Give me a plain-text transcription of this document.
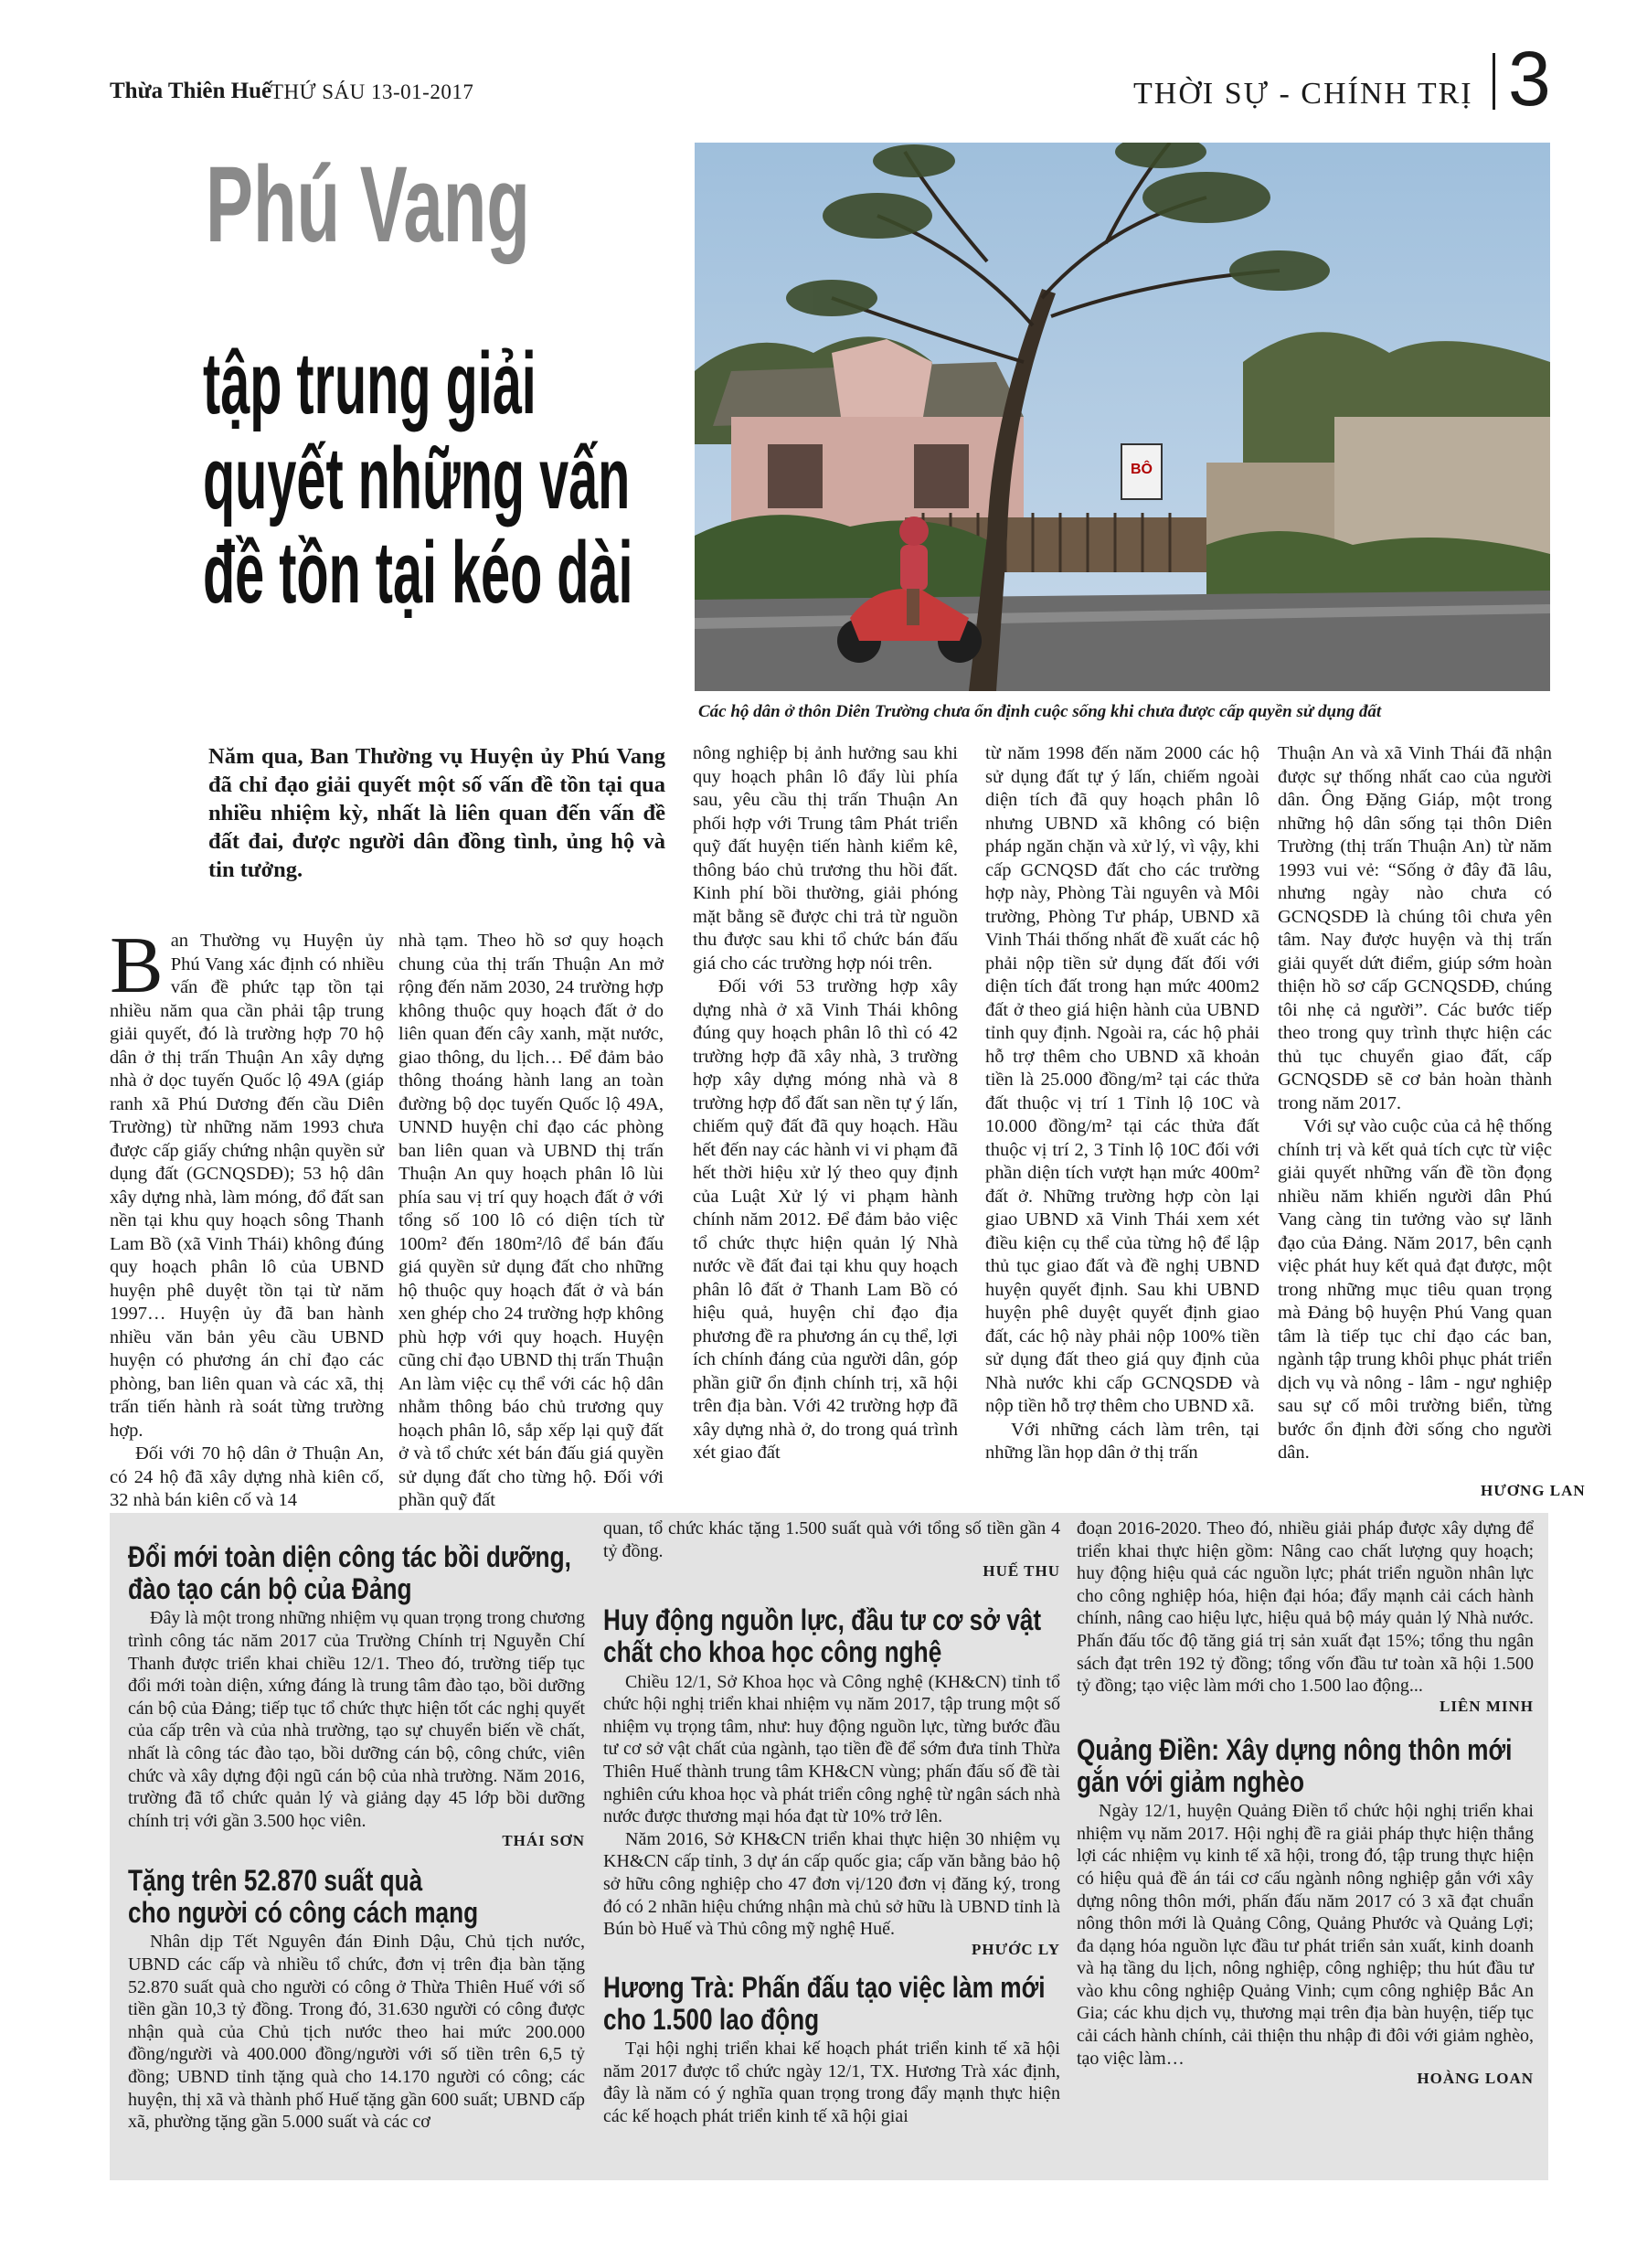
Thừa Thiên Huế
THỨ SÁU 13-01-2017	THỜI SỰ - CHÍNH TRỊ 3
Phú Vang
tập trung giải quyết những vấn đề tồn tại kéo dài
BÔ
Các hộ dân ở thôn Diên Trường chưa ổn định cuộc sống khi chưa được cấp quyền sử dụng đất
Năm qua, Ban Thường vụ Huyện ủy Phú Vang đã chỉ đạo giải quyết một số vấn đề tồn tại qua nhiều nhiệm kỳ, nhất là liên quan đến vấn đề đất đai, được người dân đồng tình, ủng hộ và tin tưởng.

Ban Thường vụ Huyện ủy Phú Vang xác định có nhiều vấn đề phức tạp tồn tại nhiều năm qua cần phải tập trung giải quyết, đó là trường hợp 70 hộ dân ở thị trấn Thuận An xây dựng nhà ở dọc tuyến Quốc lộ 49A (giáp ranh xã Phú Dương đến cầu Diên Trường) từ những năm 1993 chưa được cấp giấy chứng nhận quyền sử dụng đất (GCNQSDĐ); 53 hộ dân xây dựng nhà, làm móng, đổ đất san nền tại khu quy hoạch sông Thanh Lam Bồ (xã Vinh Thái) không đúng quy hoạch phân lô của UBND huyện phê duyệt tồn tại từ năm 1997… Huyện ủy đã ban hành nhiều văn bản yêu cầu UBND huyện có phương án chỉ đạo các phòng, ban liên quan và các xã, thị trấn tiến hành rà soát từng trường hợp.

Đối với 70 hộ dân ở Thuận An, có 24 hộ đã xây dựng nhà kiên cố, 32 nhà bán kiên cố và 14

nhà tạm. Theo hồ sơ quy hoạch chung của thị trấn Thuận An mở rộng đến năm 2030, 24 trường hợp không thuộc quy hoạch đất ở do liên quan đến cây xanh, mặt nước, giao thông, du lịch… Để đảm bảo thông thoáng hành lang an toàn đường bộ dọc tuyến Quốc lộ 49A, UNND huyện chỉ đạo các phòng ban liên quan và UBND thị trấn Thuận An quy hoạch phân lô lùi phía sau vị trí quy hoạch đất ở với tổng số 100 lô có diện tích từ 100m² đến 180m²/lô để bán đấu giá quyền sử dụng đất cho những hộ thuộc quy hoạch đất ở và bán xen ghép cho 24 trường hợp không phù hợp với quy hoạch. Huyện cũng chỉ đạo UBND thị trấn Thuận An làm việc cụ thể với các hộ dân nhằm thông báo chủ trương quy hoạch phân lô, sắp xếp lại quỹ đất ở và tổ chức xét bán đấu giá quyền sử dụng đất cho từng hộ. Đối với phần quỹ đất

nông nghiệp bị ảnh hưởng sau khi quy hoạch phân lô đẩy lùi phía sau, yêu cầu thị trấn Thuận An phối hợp với Trung tâm Phát triển quỹ đất huyện tiến hành kiểm kê, thông báo chủ trương thu hồi đất. Kinh phí bồi thường, giải phóng mặt bằng sẽ được chi trả từ nguồn thu được sau khi tổ chức bán đấu giá cho các trường hợp nói trên.

Đối với 53 trường hợp xây dựng nhà ở xã Vinh Thái không đúng quy hoạch phân lô thì có 42 trường hợp đã xây nhà, 3 trường hợp xây dựng móng nhà và 8 trường hợp đổ đất san nền tự ý lấn, chiếm quỹ đất đã quy hoạch. Hầu hết đến nay các hành vi vi phạm đã hết thời hiệu xử lý theo quy định của Luật Xử lý vi phạm hành chính năm 2012. Để đảm bảo việc tổ chức thực hiện quản lý Nhà nước về đất đai tại khu quy hoạch phân lô đất ở Thanh Lam Bồ có hiệu quả, huyện chỉ đạo địa phương đề ra phương án cụ thể, lợi ích chính đáng của người dân, góp phần giữ ổn định chính trị, xã hội trên địa bàn. Với 42 trường hợp đã xây dựng nhà ở, do trong quá trình xét giao đất

từ năm 1998 đến năm 2000 các hộ sử dụng đất tự ý lấn, chiếm ngoài diện tích đã quy hoạch phân lô nhưng UBND xã không có biện pháp ngăn chặn và xử lý, vì vậy, khi cấp GCNQSD đất cho các trường hợp này, Phòng Tài nguyên và Môi trường, Phòng Tư pháp, UBND xã Vinh Thái thống nhất đề xuất các hộ phải nộp tiền sử dụng đất đối với diện tích đất trong hạn mức 400m2 đất ở theo giá hiện hành của UBND tỉnh quy định. Ngoài ra, các hộ phải hỗ trợ thêm cho UBND xã khoản tiền là 25.000 đồng/m² tại các thửa đất thuộc vị trí 1 Tỉnh lộ 10C và 10.000 đồng/m² tại các thửa đất thuộc vị trí 2, 3 Tỉnh lộ 10C đối với phần diện tích vượt hạn mức 400m² đất ở. Những trường hợp còn lại giao UBND xã Vinh Thái xem xét điều kiện cụ thể của từng hộ để lập thủ tục giao đất và đề nghị UBND huyện quyết định. Sau khi UBND huyện phê duyệt quyết định giao đất, các hộ này phải nộp 100% tiền sử dụng đất theo giá quy định của Nhà nước khi cấp GCNQSDĐ và nộp tiền hỗ trợ thêm cho UBND xã.

Với những cách làm trên, tại những lần họp dân ở thị trấn

Thuận An và xã Vinh Thái đã nhận được sự thống nhất cao của người dân. Ông Đặng Giáp, một trong những hộ dân sống tại thôn Diên Trường (thị trấn Thuận An) từ năm 1993 vui vẻ: “Sống ở đây đã lâu, nhưng ngày nào chưa có GCNQSDĐ là chúng tôi chưa yên tâm. Nay được huyện và thị trấn giải quyết dứt điểm, giúp sớm hoàn thiện hồ sơ cấp GCNQSDĐ, chúng tôi nhẹ cả người”. Các bước tiếp theo trong quy trình thực hiện các thủ tục chuyển giao đất, cấp GCNQSDĐ sẽ cơ bản hoàn thành trong năm 2017.

Với sự vào cuộc của cả hệ thống chính trị và kết quả tích cực từ việc giải quyết những vấn đề tồn đọng nhiều năm khiến người dân Phú Vang càng tin tưởng vào sự lãnh đạo của Đảng. Năm 2017, bên cạnh việc phát huy kết quả đạt được, một trong những mục tiêu quan trọng mà Đảng bộ huyện Phú Vang quan tâm là tiếp tục chỉ đạo các ban, ngành tập trung khôi phục phát triển dịch vụ và nông - lâm - ngư nghiệp sau sự cố môi trường biển, từng bước ổn định đời sống cho người dân.

HƯƠNG LAN
Đổi mới toàn diện công tác bồi dưỡng,
đào tạo cán bộ của Đảng

Đây là một trong những nhiệm vụ quan trọng trong chương trình công tác năm 2017 của Trường Chính trị Nguyễn Chí Thanh được triển khai chiều 12/1. Theo đó, trường tiếp tục đổi mới toàn diện, xứng đáng là trung tâm đào tạo, bồi dưỡng cán bộ của Đảng; tiếp tục tổ chức thực hiện tốt các nghị quyết của cấp trên và của nhà trường, tạo sự chuyển biến về chất, nhất là công tác đào tạo, bồi dưỡng cán bộ, công chức, viên chức và xây dựng đội ngũ cán bộ của nhà trường. Năm 2016, trường đã tổ chức quản lý và giảng dạy 45 lớp bồi dưỡng chính trị với gần 3.500 học viên.

THÁI SƠN
Tặng trên 52.870 suất quà
cho người có công cách mạng

Nhân dịp Tết Nguyên đán Đinh Dậu, Chủ tịch nước, UBND các cấp và nhiều tổ chức, đơn vị trên địa bàn tặng 52.870 suất quà cho người có công ở Thừa Thiên Huế với số tiền gần 10,3 tỷ đồng. Trong đó, 31.630 người có công được nhận quà của Chủ tịch nước theo hai mức 200.000 đồng/người và 400.000 đồng/người với số tiền trên 6,5 tỷ đồng; UBND tỉnh tặng quà cho 14.170 người có công; các huyện, thị xã và thành phố Huế tặng gần 600 suất; UBND cấp xã, phường tặng gần 5.000 suất và các cơ

quan, tổ chức khác tặng 1.500 suất quà với tổng số tiền gần 4 tỷ đồng.

HUẾ THU
Huy động nguồn lực, đầu tư cơ sở vật
chất cho khoa học công nghệ

Chiều 12/1, Sở Khoa học và Công nghệ (KH&CN) tỉnh tổ chức hội nghị triển khai nhiệm vụ năm 2017, tập trung một số nhiệm vụ trọng tâm, như: huy động nguồn lực, từng bước đầu tư cơ sở vật chất của ngành, tạo tiền đề để sớm đưa tỉnh Thừa Thiên Huế thành trung tâm KH&CN vùng; phấn đấu số đề tài nghiên cứu khoa học và phát triển công nghệ từ ngân sách nhà nước được thương mại hóa đạt từ 10% trở lên.

Năm 2016, Sở KH&CN triển khai thực hiện 30 nhiệm vụ KH&CN cấp tỉnh, 3 dự án cấp quốc gia; cấp văn bằng bảo hộ sở hữu công nghiệp cho 47 đơn vị/120 đơn vị đăng ký, trong đó có 2 nhãn hiệu chứng nhận mà chủ sở hữu là UBND tỉnh là Bún bò Huế và Thủ công mỹ nghệ Huế.

PHƯỚC LY
Hương Trà: Phấn đấu tạo việc làm mới
cho 1.500 lao động

Tại hội nghị triển khai kế hoạch phát triển kinh tế xã hội năm 2017 được tổ chức ngày 12/1, TX. Hương Trà xác định, đây là năm có ý nghĩa quan trọng trong đẩy mạnh thực hiện các kế hoạch phát triển kinh tế xã hội giai

đoạn 2016-2020. Theo đó, nhiều giải pháp được xây dựng để triển khai thực hiện gồm: Nâng cao chất lượng quy hoạch; huy động hiệu quả các nguồn lực; phát triển nguồn nhân lực cho công nghiệp hóa, hiện đại hóa; đẩy mạnh cải cách hành chính, nâng cao hiệu lực, hiệu quả bộ máy quản lý Nhà nước. Phấn đấu tốc độ tăng giá trị sản xuất đạt 15%; tổng thu ngân sách đạt trên 192 tỷ đồng; tổng vốn đầu tư toàn xã hội 1.500 tỷ đồng; tạo việc làm mới cho 1.500 lao động...

LIÊN MINH
Quảng Điền: Xây dựng nông thôn mới
gắn với giảm nghèo

Ngày 12/1, huyện Quảng Điền tổ chức hội nghị triển khai nhiệm vụ năm 2017. Hội nghị đề ra giải pháp thực hiện thắng lợi các nhiệm vụ kinh tế xã hội, trong đó, tập trung thực hiện có hiệu quả đề án tái cơ cấu ngành nông nghiệp gắn với xây dựng nông thôn mới, phấn đấu năm 2017 có 3 xã đạt chuẩn nông thôn mới là Quảng Công, Quảng Phước và Quảng Lợi; đa dạng hóa nguồn lực đầu tư phát triển sản xuất, kinh doanh và hạ tầng du lịch, nông nghiệp, công nghiệp; thu hút đầu tư vào khu công nghiệp Quảng Vinh; cụm công nghiệp Bắc An Gia; các khu dịch vụ, thương mại trên địa bàn huyện, tiếp tục cải cách hành chính, cải thiện thu nhập đi đôi với giảm nghèo, tạo việc làm…

HOÀNG LOAN
